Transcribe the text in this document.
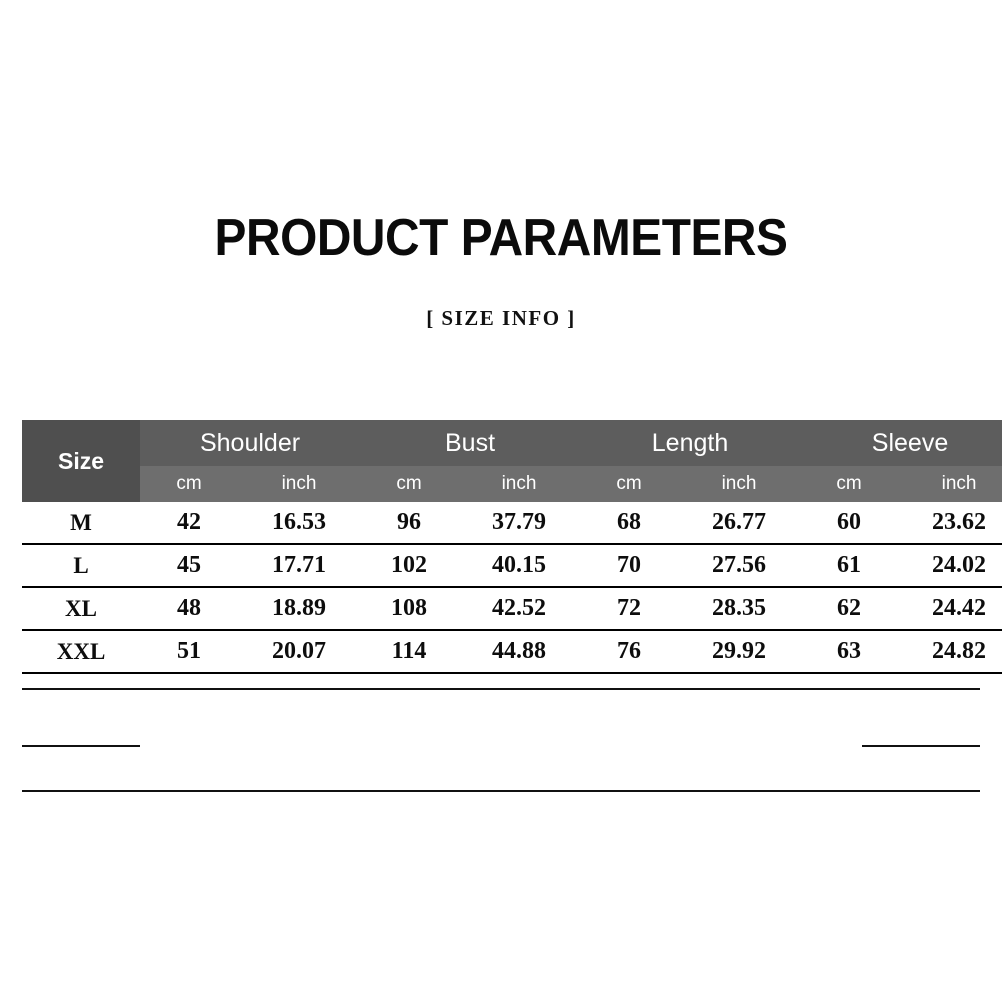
PRODUCT PARAMETERS
[ SIZE INFO ]
Size	Shoulder		Bust		Length		Sleeve	
	cm	inch	cm	inch	cm	inch	cm	inch
M	42	16.53	96	37.79	68	26.77	60	23.62
L	45	17.71	102	40.15	70	27.56	61	24.02
XL	48	18.89	108	42.52	72	28.35	62	24.42
XXL	51	20.07	114	44.88	76	29.92	63	24.82
